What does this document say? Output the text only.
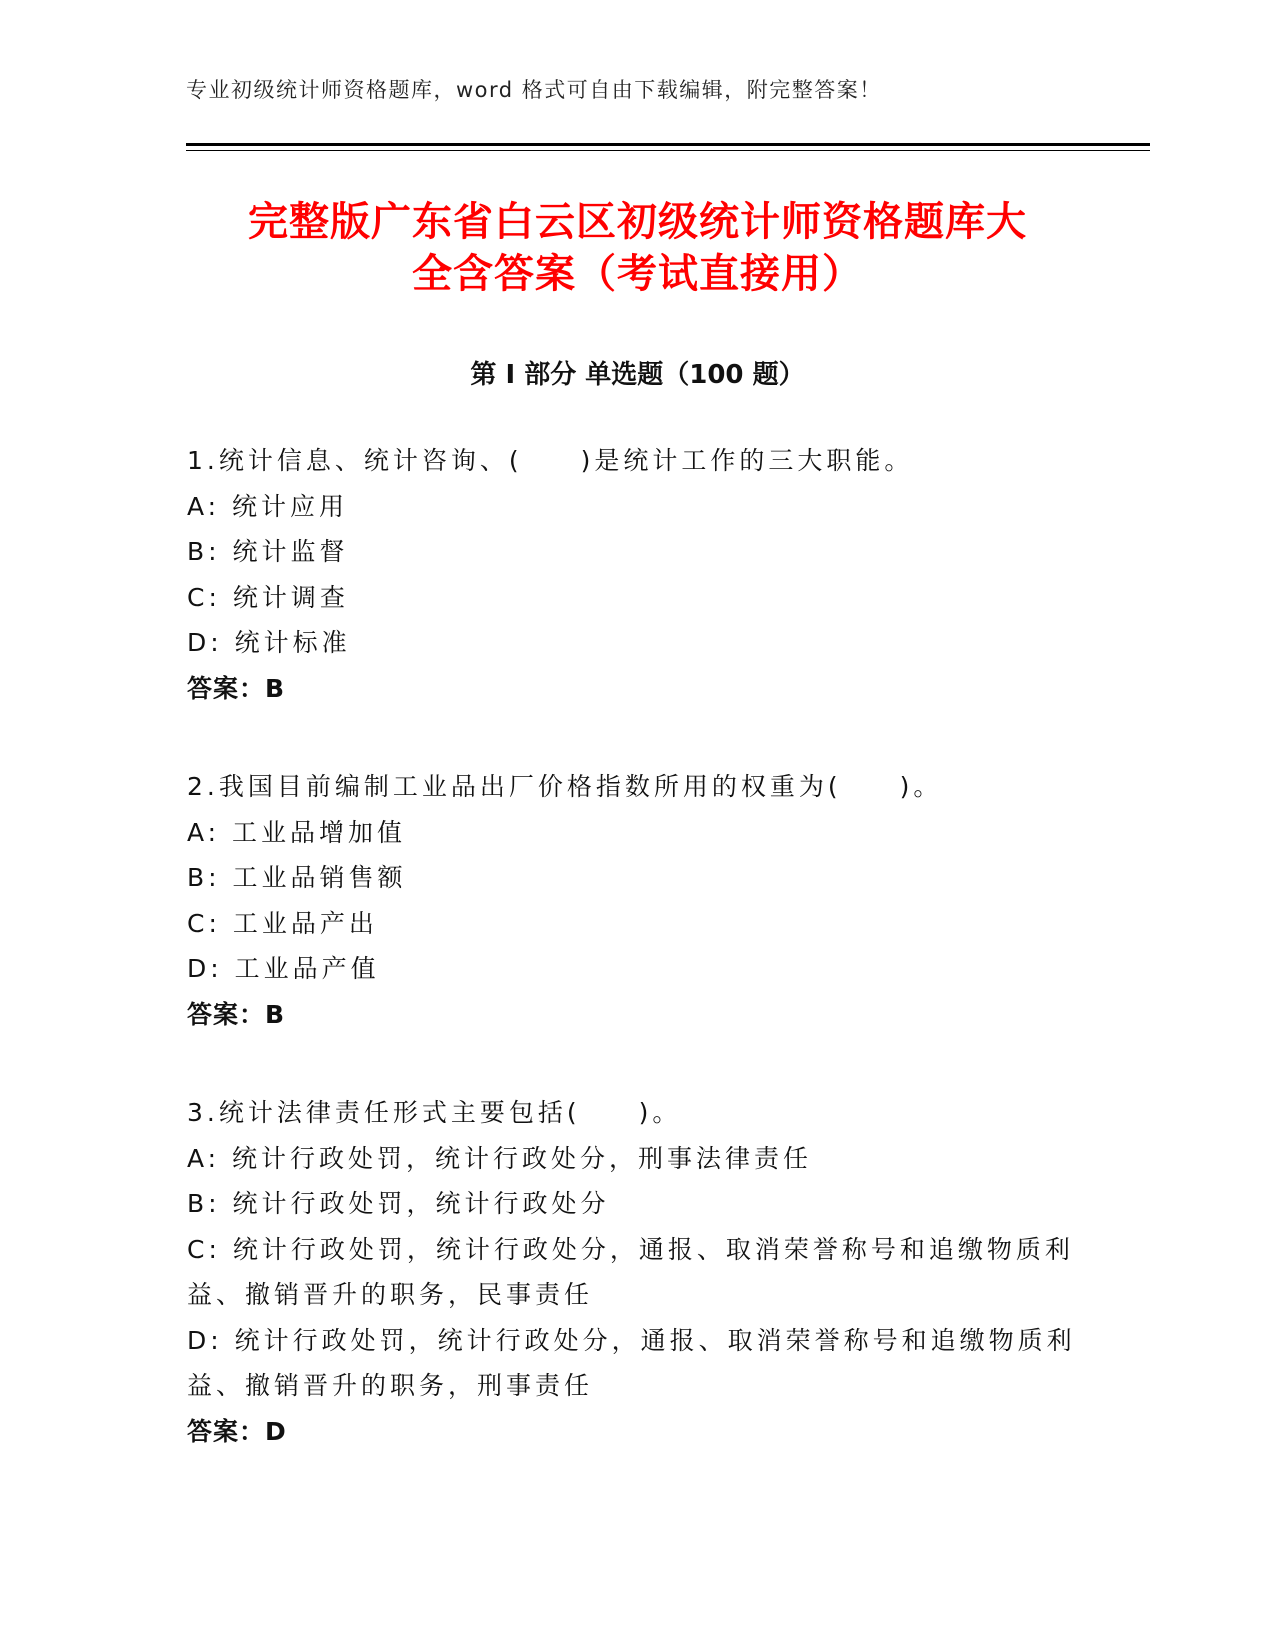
专业初级统计师资格题库，word 格式可自由下载编辑，附完整答案！
完整版广东省白云区初级统计师资格题库大
全含答案（考试直接用）
第 I 部分 单选题（100 题）
1.统计信息、统计咨询、(　　)是统计工作的三大职能。
A: 统计应用
B: 统计监督
C: 统计调查
D: 统计标准
答案：B
2.我国目前编制工业品出厂价格指数所用的权重为(　　)。
A: 工业品增加值
B: 工业品销售额
C: 工业品产出
D: 工业品产值
答案：B
3.统计法律责任形式主要包括(　　)。
A: 统计行政处罚，统计行政处分，刑事法律责任
B: 统计行政处罚，统计行政处分
C: 统计行政处罚，统计行政处分，通报、取消荣誉称号和追缴物质利
益、撤销晋升的职务，民事责任
D: 统计行政处罚，统计行政处分，通报、取消荣誉称号和追缴物质利
益、撤销晋升的职务，刑事责任
答案：D
